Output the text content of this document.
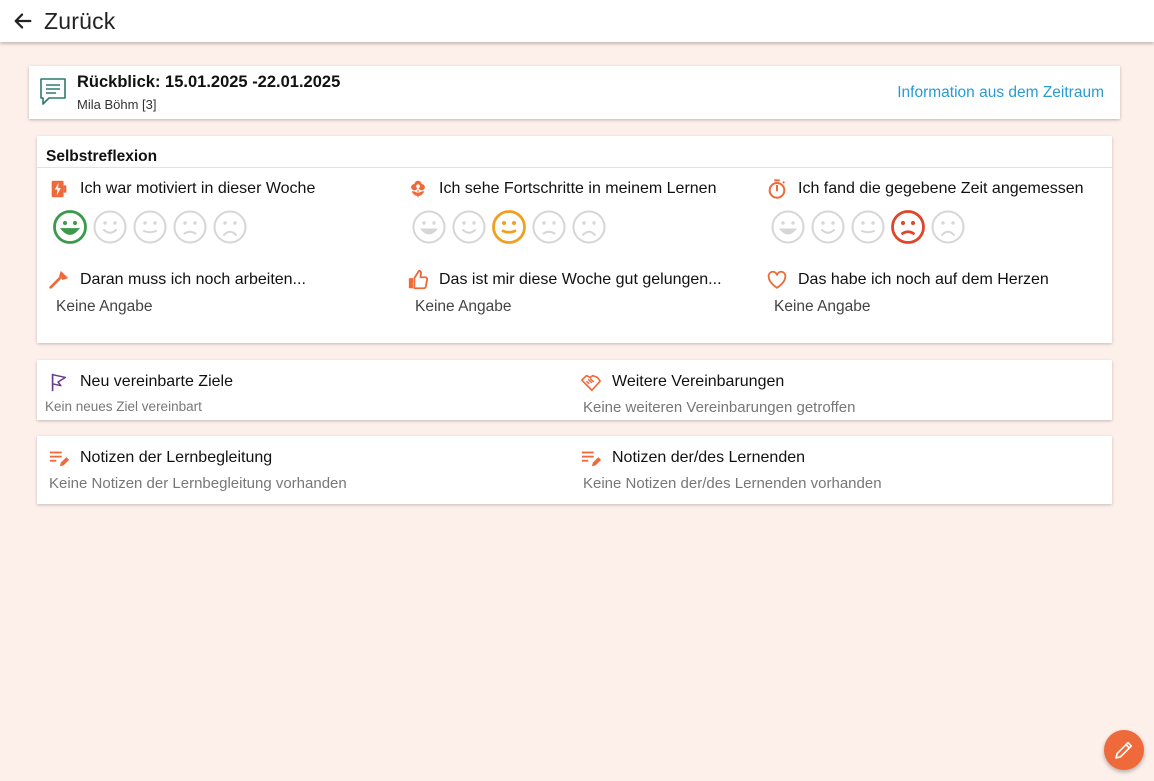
Zurück
Rückblick: 15.01.2025 -22.01.2025
Mila Böhm [3]
Information aus dem Zeitraum
Selbstreflexion
Ich war motiviert in dieser Woche	Ich sehe Fortschritte in meinem Lernen	Ich fand die gegebene Zeit angemessen
Daran muss ich noch arbeiten...
Keine Angabe
Das ist mir diese Woche gut gelungen...
Keine Angabe
Das habe ich noch auf dem Herzen
Keine Angabe
Neu vereinbarte Ziele
Kein neues Ziel vereinbart
Weitere Vereinbarungen
Keine weiteren Vereinbarungen getroffen
Notizen der Lernbegleitung
Keine Notizen der Lernbegleitung vorhanden
Notizen der/des Lernenden
Keine Notizen der/des Lernenden vorhanden
